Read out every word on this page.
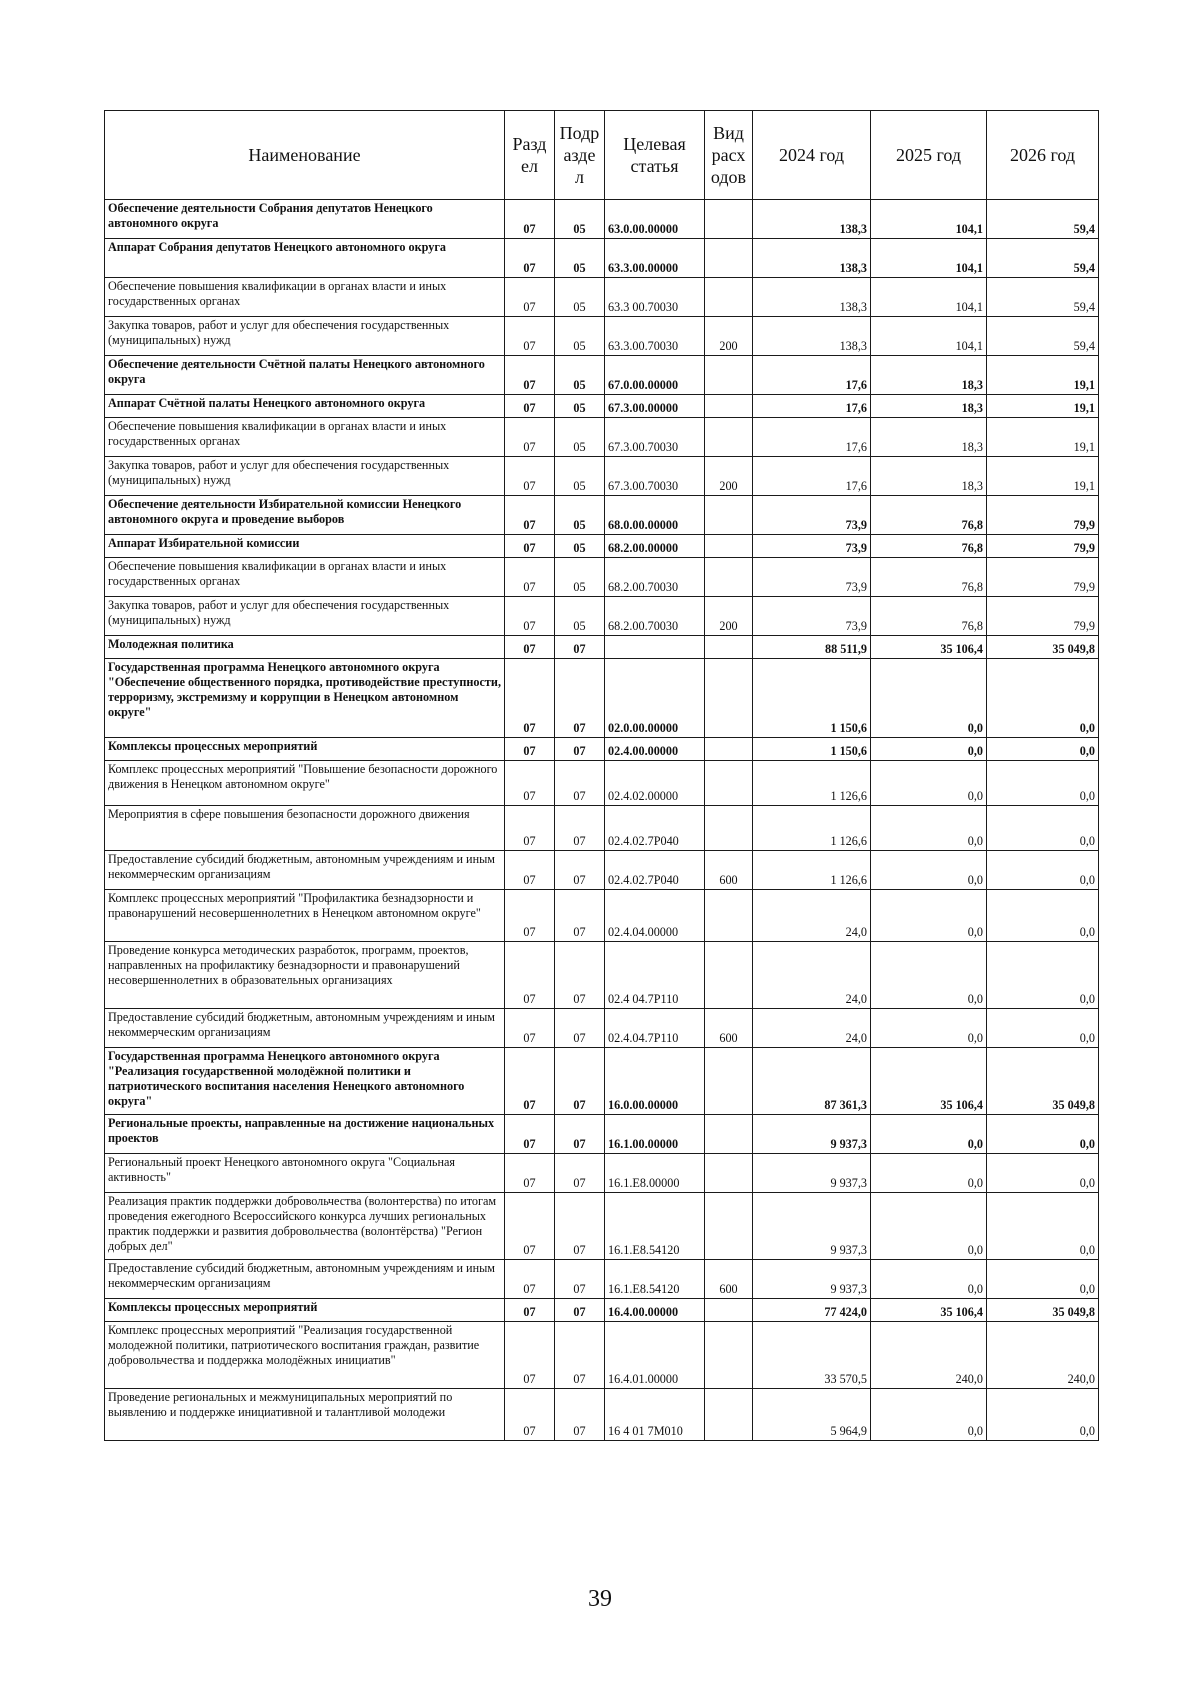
Наименование	Разд ел	Подр азде л	Целевая статья	Вид расх одов	2024 год	2025 год	2026 год
Обеспечение деятельности Собрания депутатов Ненецкого автономного округа	07	05	63.0.00.00000		138,3	104,1	59,4
Аппарат Собрания депутатов Ненецкого автономного округа	07	05	63.3.00.00000		138,3	104,1	59,4
Обеспечение повышения квалификации в органах власти и иных государственных органах	07	05	63.3 00.70030		138,3	104,1	59,4
Закупка товаров, работ и услуг для обеспечения государственных (муниципальных) нужд	07	05	63.3.00.70030	200	138,3	104,1	59,4
Обеспечение деятельности Счётной палаты Ненецкого автономного округа	07	05	67.0.00.00000		17,6	18,3	19,1
Аппарат Счётной палаты Ненецкого автономного округа	07	05	67.3.00.00000		17,6	18,3	19,1
Обеспечение повышения квалификации в органах власти и иных государственных органах	07	05	67.3.00.70030		17,6	18,3	19,1
Закупка товаров, работ и услуг для обеспечения государственных (муниципальных) нужд	07	05	67.3.00.70030	200	17,6	18,3	19,1
Обеспечение деятельности Избирательной комиссии Ненецкого автономного округа и проведение выборов	07	05	68.0.00.00000		73,9	76,8	79,9
Аппарат Избирательной комиссии	07	05	68.2.00.00000		73,9	76,8	79,9
Обеспечение повышения квалификации в органах власти и иных государственных органах	07	05	68.2.00.70030		73,9	76,8	79,9
Закупка товаров, работ и услуг для обеспечения государственных (муниципальных) нужд	07	05	68.2.00.70030	200	73,9	76,8	79,9
Молодежная политика	07	07			88 511,9	35 106,4	35 049,8
Государственная программа Ненецкого автономного округа "Обеспечение общественного порядка, противодействие преступности, терроризму, экстремизму и коррупции в Ненецком автономном округе"	07	07	02.0.00.00000		1 150,6	0,0	0,0
Комплексы процессных мероприятий	07	07	02.4.00.00000		1 150,6	0,0	0,0
Комплекс процессных мероприятий "Повышение безопасности дорожного движения в Ненецком автономном округе"	07	07	02.4.02.00000		1 126,6	0,0	0,0
Мероприятия в сфере повышения безопасности дорожного движения	07	07	02.4.02.7Р040		1 126,6	0,0	0,0
Предоставление субсидий бюджетным, автономным учреждениям и иным некоммерческим организациям	07	07	02.4.02.7Р040	600	1 126,6	0,0	0,0
Комплекс процессных мероприятий "Профилактика безнадзорности и правонарушений несовершеннолетних в Ненецком автономном округе"	07	07	02.4.04.00000		24,0	0,0	0,0
Проведение конкурса методических разработок, программ, проектов, направленных на профилактику безнадзорности и правонарушений несовершеннолетних в образовательных организациях	07	07	02.4 04.7Р110		24,0	0,0	0,0
Предоставление субсидий бюджетным, автономным учреждениям и иным некоммерческим организациям	07	07	02.4.04.7Р110	600	24,0	0,0	0,0
Государственная программа Ненецкого автономного округа "Реализация государственной молодёжной политики и патриотического воспитания населения Ненецкого автономного округа"	07	07	16.0.00.00000		87 361,3	35 106,4	35 049,8
Региональные проекты, направленные на достижение национальных проектов	07	07	16.1.00.00000		9 937,3	0,0	0,0
Региональный проект Ненецкого автономного округа "Социальная активность"	07	07	16.1.Е8.00000		9 937,3	0,0	0,0
Реализация практик поддержки добровольчества (волонтерства) по итогам проведения ежегодного Всероссийского конкурса лучших региональных практик поддержки и развития добровольчества (волонтёрства) "Регион добрых дел"	07	07	16.1.Е8.54120		9 937,3	0,0	0,0
Предоставление субсидий бюджетным, автономным учреждениям и иным некоммерческим организациям	07	07	16.1.Е8.54120	600	9 937,3	0,0	0,0
Комплексы процессных мероприятий	07	07	16.4.00.00000		77 424,0	35 106,4	35 049,8
Комплекс процессных мероприятий "Реализация государственной молодежной политики, патриотического воспитания граждан, развитие добровольчества и поддержка молодёжных инициатив"	07	07	16.4.01.00000		33 570,5	240,0	240,0
Проведение региональных и межмуниципальных мероприятий по выявлению и поддержке инициативной и талантливой молодежи	07	07	16 4 01 7М010		5 964,9	0,0	0,0
39
